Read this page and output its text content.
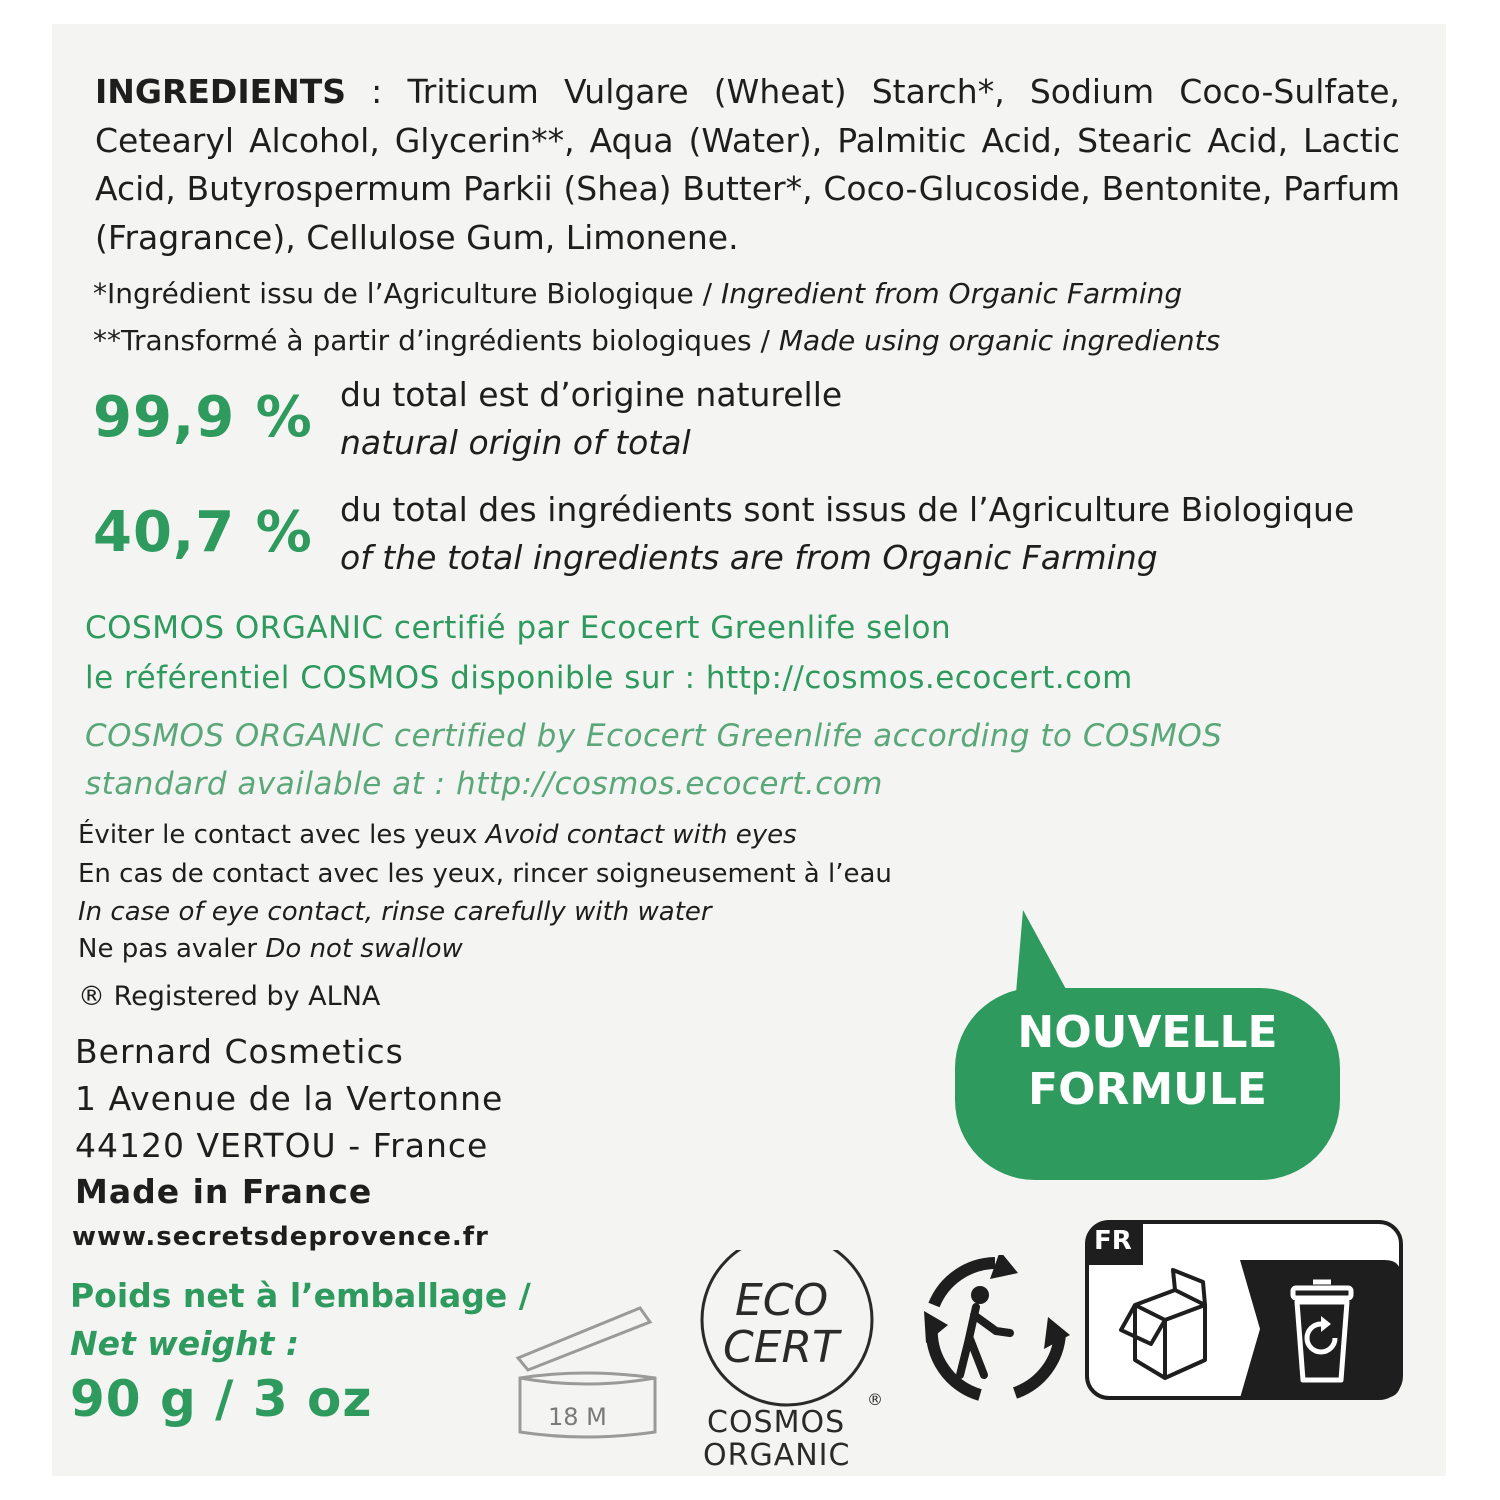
INGREDIENTS : Triticum Vulgare (Wheat) Starch*, Sodium Coco-Sulfate, Cetearyl Alcohol, Glycerin**, Aqua (Water), Palmitic Acid, Stearic Acid, Lactic Acid, Butyrospermum Parkii (Shea) Butter*, Coco-Glucoside, Bentonite, Parfum (Fragrance), Cellulose Gum, Limonene.
*Ingrédient issu de l’Agriculture Biologique / Ingredient from Organic Farming
**Transformé à partir d’ingrédients biologiques / Made using organic ingredients
99,9 % du total est d’origine naturelle
natural origin of total
40,7 % du total des ingrédients sont issus de l’Agriculture Biologique
of the total ingredients are from Organic Farming
COSMOS ORGANIC certifié par Ecocert Greenlife selon
le référentiel COSMOS disponible sur : http://cosmos.ecocert.com
COSMOS ORGANIC certified by Ecocert Greenlife according to COSMOS
standard available at : http://cosmos.ecocert.com
Éviter le contact avec les yeux Avoid contact with eyes
En cas de contact avec les yeux, rincer soigneusement à l’eau
In case of eye contact, rinse carefully with water
Ne pas avaler Do not swallow
® Registered by ALNA
Bernard Cosmetics
1 Avenue de la Vertonne
44120 VERTOU - France
Made in France
www.secretsdeprovence.fr
Poids net à l’emballage /
Net weight :
90 g / 3 oz
NOUVELLE
FORMULE
18 M
ECO
CERT
®
COSMOS
ORGANIC
FR
